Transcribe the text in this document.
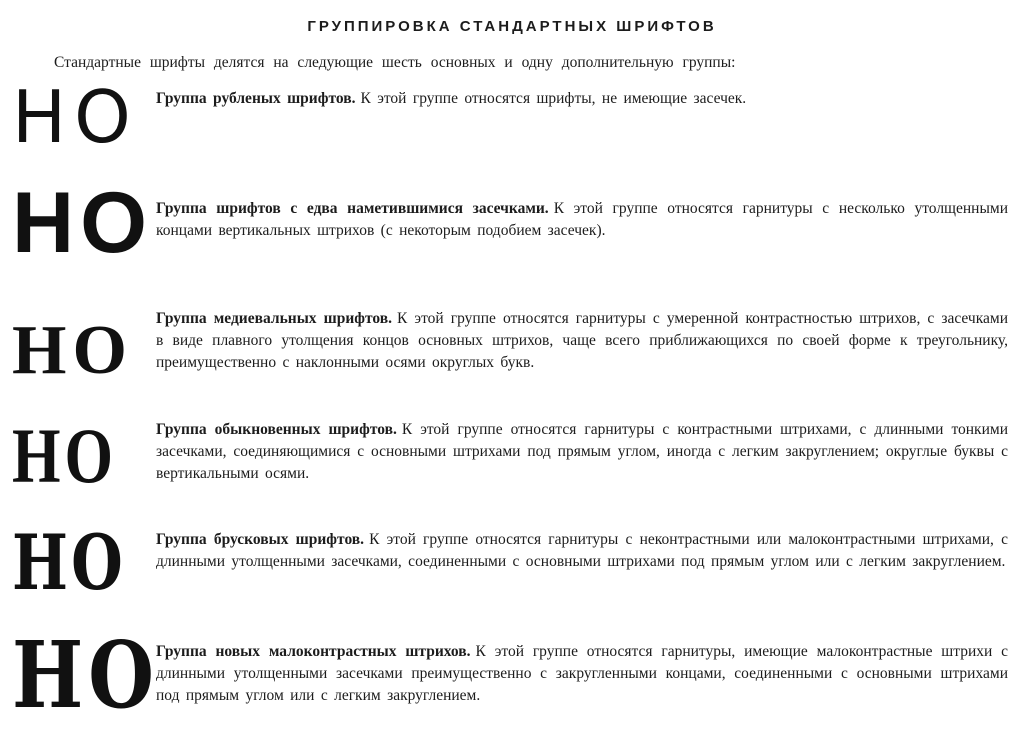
ГРУППИРОВКА СТАНДАРТНЫХ ШРИФТОВ

Стандартные шрифты делятся на следующие шесть основных и одну дополнительную группы:

НО Группа рубленых шрифтов. К этой группе относятся шрифты, не имеющие засечек.

НО Группа шрифтов с едва наметившимися засечками. К этой группе относятся гарнитуры с несколько утолщенными концами вертикальных штрихов (с некоторым подобием засечек).

НО Группа медиевальных шрифтов. К этой группе относятся гарнитуры с умеренной контрастностью штрихов, с засечками в виде плавного утолщения концов основных штрихов, чаще всего приближающихся по своей форме к треугольнику, преимущественно с наклонными осями округлых букв.

НО	Группа обыкновенных шрифтов. К этой группе относятся гарнитуры с контрастными штрихами, с длинными тонкими засечками, соединяющимися с основными штрихами под прямым углом, иногда с легким закруглением; округлые буквы с вертикальными осями.

НО Группа брусковых шрифтов. К этой группе относятся гарнитуры с неконтрастными или малоконтрастными штрихами, с длинными утолщенными засечками, соединенными с основными штрихами под прямым углом или с легким закруглением.

НО

Группа новых малоконтрастных штрихов. К этой группе относятся гарнитуры, имеющие малоконтрастные штрихи с длинными утолщенными засечками преимущественно с закругленными концами, соединенными с основными штрихами под прямым углом или с легким закруглением.
